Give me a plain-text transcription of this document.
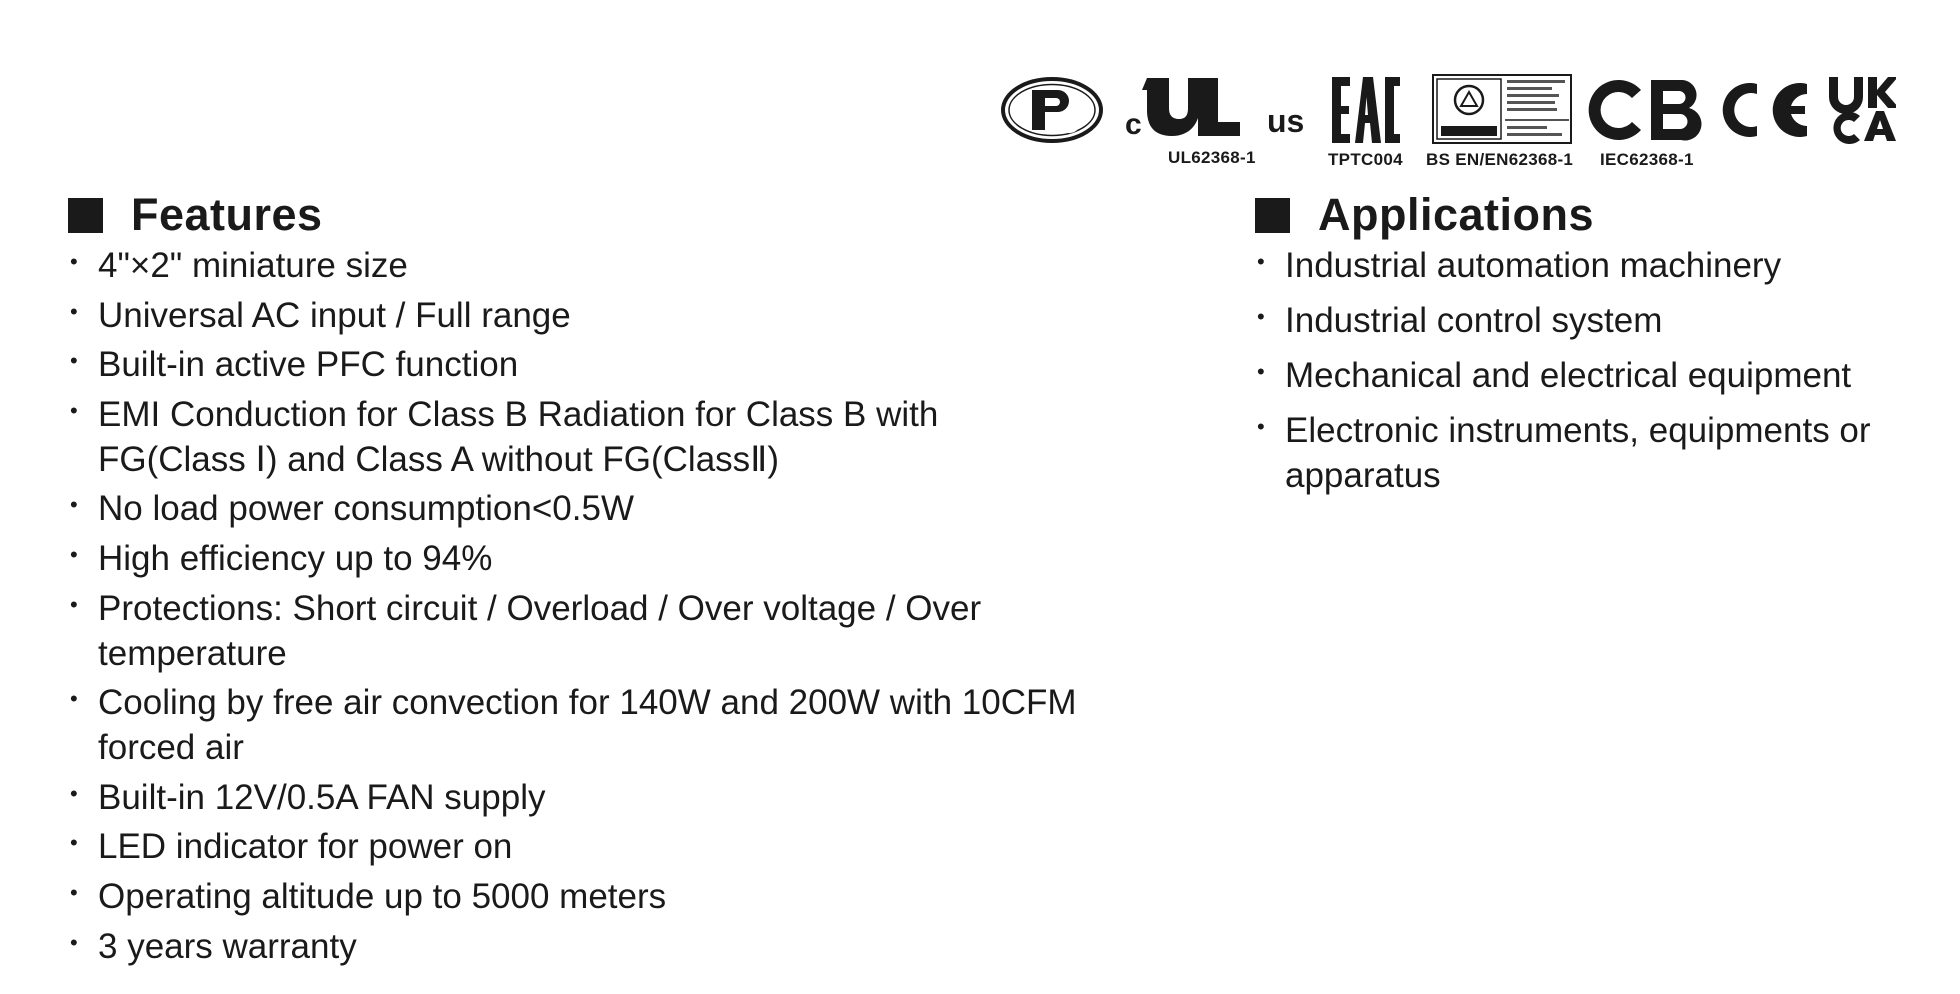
c	us
UL62368-1	TPTC004 BS EN/EN62368-1 IEC62368-1
Features
• 4"×2" miniature size
• Universal AC input / Full range
• Built-in active PFC function
• EMI Conduction for Class B Radiation for Class B with FG(Class Ⅰ) and Class A without FG(ClassⅡ)
• No load power consumption<0.5W
• High efficiency up to 94%
• Protections: Short circuit / Overload / Over voltage / Over temperature
• Cooling by free air convection for 140W and 200W with 10CFM forced air
• Built-in 12V/0.5A FAN supply
• LED indicator for power on
• Operating altitude up to 5000 meters
• 3 years warranty
Applications
• Industrial automation machinery
• Industrial control system
• Mechanical and electrical equipment
• Electronic instruments, equipments or apparatus
